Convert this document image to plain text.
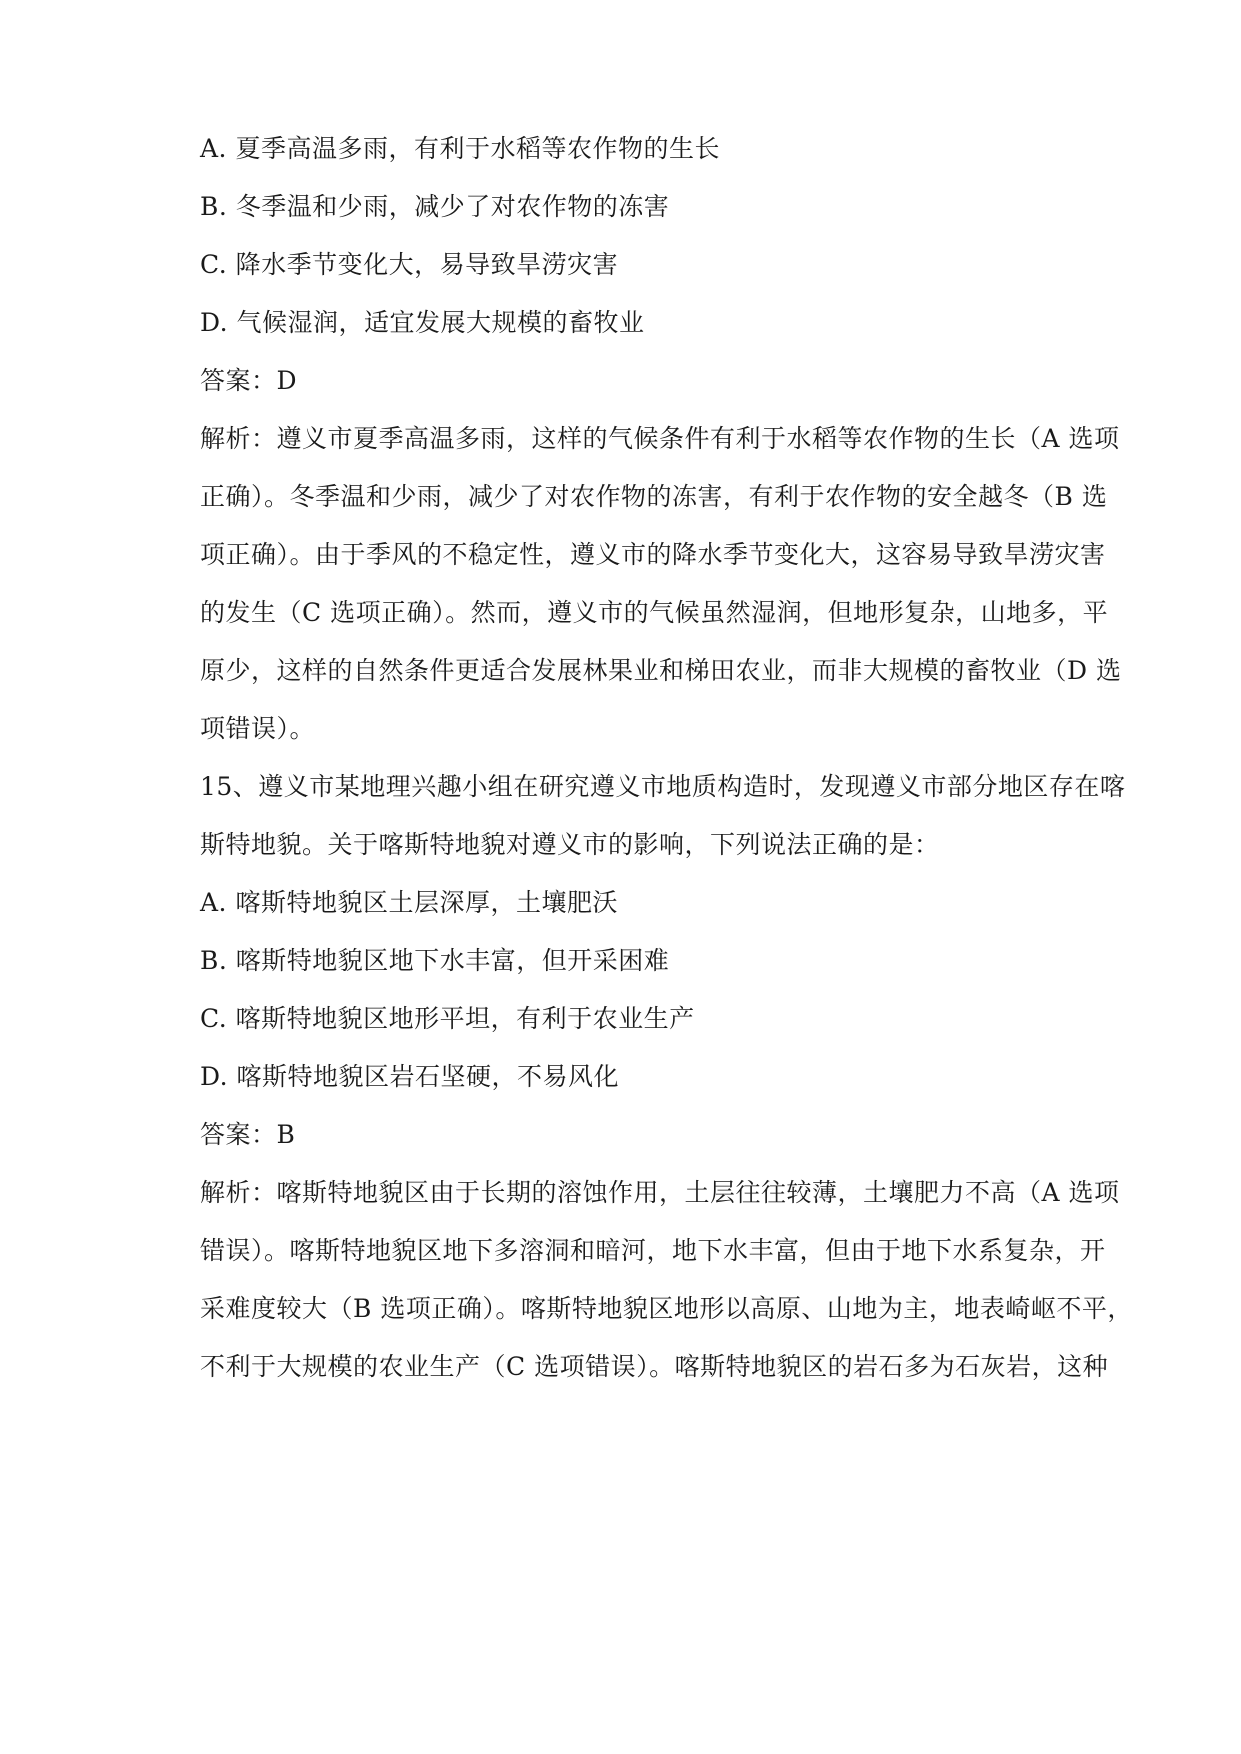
A. 夏季高温多雨，有利于水稻等农作物的生长
B. 冬季温和少雨，减少了对农作物的冻害
C. 降水季节变化大，易导致旱涝灾害
D. 气候湿润，适宜发展大规模的畜牧业
答案：D
解析：遵义市夏季高温多雨，这样的气候条件有利于水稻等农作物的生长（A 选项
正确）。冬季温和少雨，减少了对农作物的冻害，有利于农作物的安全越冬（B 选
项正确）。由于季风的不稳定性，遵义市的降水季节变化大，这容易导致旱涝灾害
的发生（C 选项正确）。然而，遵义市的气候虽然湿润，但地形复杂，山地多，平
原少，这样的自然条件更适合发展林果业和梯田农业，而非大规模的畜牧业（D 选
项错误）。
15、遵义市某地理兴趣小组在研究遵义市地质构造时，发现遵义市部分地区存在喀
斯特地貌。关于喀斯特地貌对遵义市的影响，下列说法正确的是：
A. 喀斯特地貌区土层深厚，土壤肥沃
B. 喀斯特地貌区地下水丰富，但开采困难
C. 喀斯特地貌区地形平坦，有利于农业生产
D. 喀斯特地貌区岩石坚硬，不易风化
答案：B
解析：喀斯特地貌区由于长期的溶蚀作用，土层往往较薄，土壤肥力不高（A 选项
错误）。喀斯特地貌区地下多溶洞和暗河，地下水丰富，但由于地下水系复杂，开
采难度较大（B 选项正确）。喀斯特地貌区地形以高原、山地为主，地表崎岖不平，
不利于大规模的农业生产（C 选项错误）。喀斯特地貌区的岩石多为石灰岩，这种
